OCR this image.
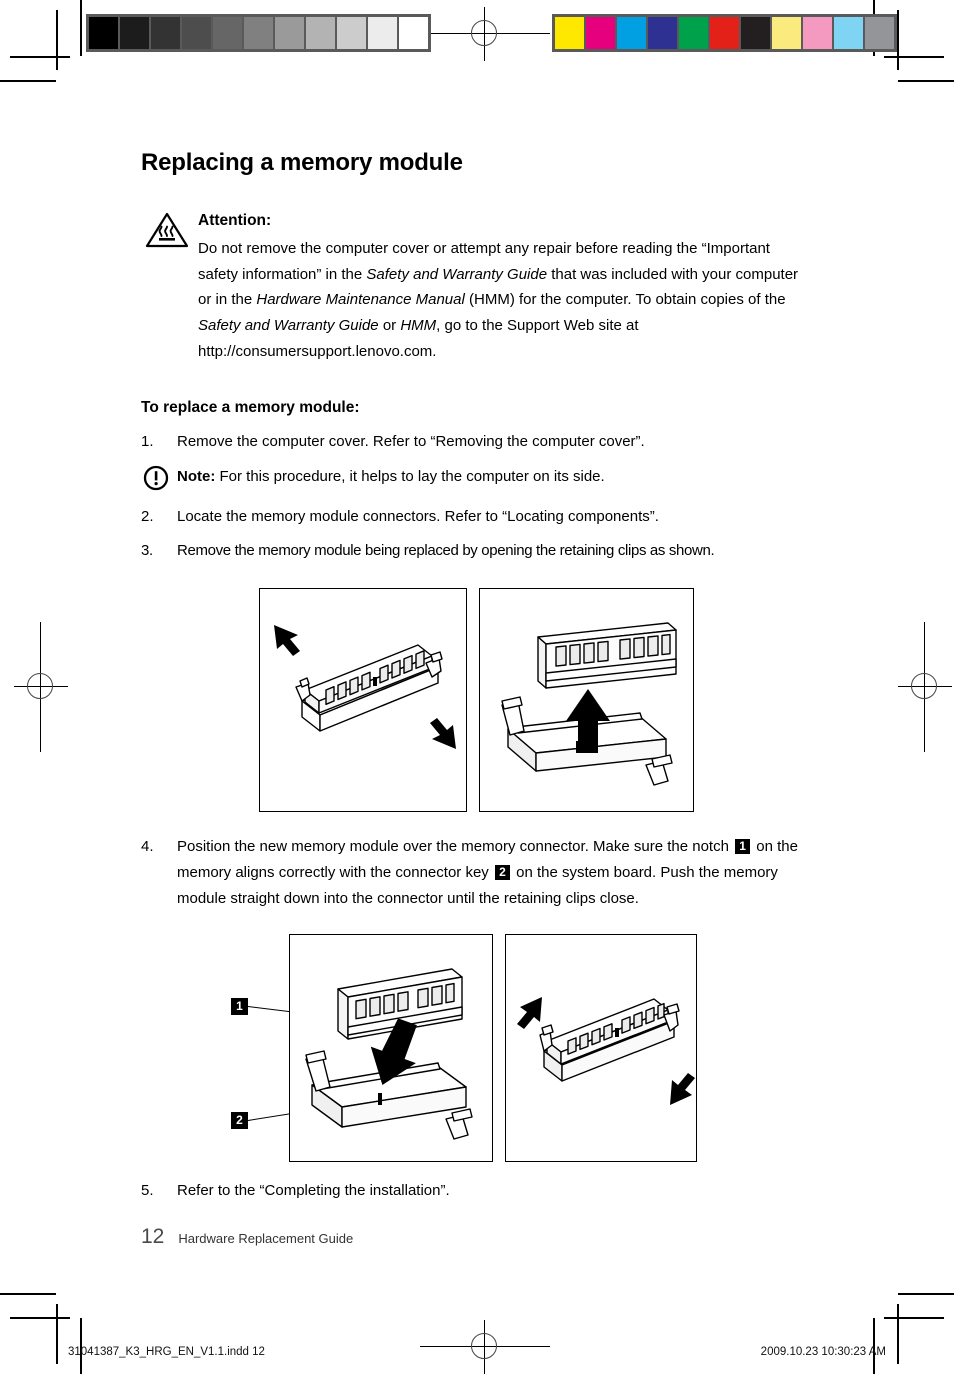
Replacing a memory module
Attention:
Do not remove the computer cover or attempt any repair before reading the “Important safety information” in the Safety and Warranty Guide that was included with your computer or in the Hardware Maintenance Manual (HMM) for the computer. To obtain copies of the Safety and Warranty Guide or HMM, go to the Support Web site at http://consumersupport.lenovo.com.
To replace a memory module:
1.	Remove the computer cover. Refer to “Removing the computer cover”.
Note: For this procedure, it helps to lay the computer on its side.
2.	Locate the memory module connectors. Refer to “Locating components”.
3.	Remove the memory module being replaced by opening the retaining clips as shown.
4.	Position the new memory module over the memory connector. Make sure the notch 1 on the memory aligns correctly with the connector key 2 on the system board. Push the memory module straight down into the connector until the retaining clips close.
1
2
5.	Refer to the “Completing the installation”.
12 Hardware Replacement Guide
31041387_K3_HRG_EN_V1.1.indd 12	2009.10.23 10:30:23 AM
